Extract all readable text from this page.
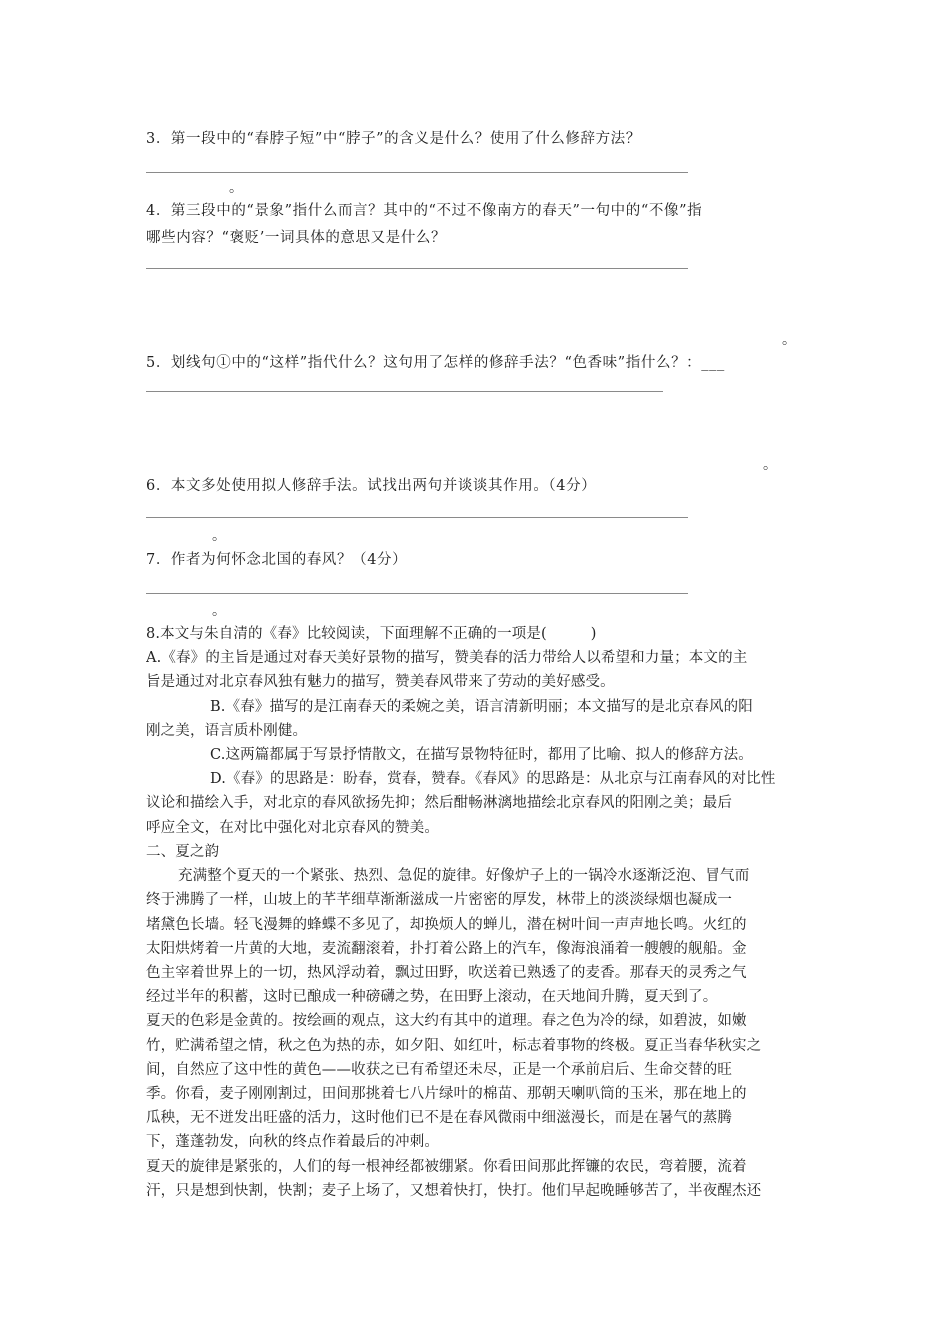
3．第一段中的“春脖子短”中“脖子”的含义是什么？使用了什么修辞方法？
。
4．第三段中的“景象”指什么而言？其中的“不过不像南方的春天”一句中的“不像”指
哪些内容？“褒贬’一词具体的意思又是什么？
。
5．划线句①中的“这样”指代什么？这句用了怎样的修辞手法？“色香味”指什么？：___
。
6．本文多处使用拟人修辞手法。试找出两句并谈谈其作用。（4分）
。
7．作者为何怀念北国的春风？（4分）
。
8.本文与朱自清的《春》比较阅读，下面理解不正确的一项是(　　　)
A.《春》的主旨是通过对春天美好景物的描写，赞美春的活力带给人以希望和力量；本文的主
旨是通过对北京春风独有魅力的描写，赞美春风带来了劳动的美好感受。
B.《春》描写的是江南春天的柔婉之美，语言清新明丽；本文描写的是北京春风的阳
刚之美，语言质朴刚健。
C.这两篇都属于写景抒情散文，在描写景物特征时，都用了比喻、拟人的修辞方法。
D.《春》的思路是：盼春，赏春，赞春。《春风》的思路是：从北京与江南春风的对比性
议论和描绘入手，对北京的春风欲扬先抑；然后酣畅淋漓地描绘北京春风的阳刚之美；最后
呼应全文，在对比中强化对北京春风的赞美。
二、夏之韵
充满整个夏天的一个紧张、热烈、急促的旋律。好像炉子上的一锅冷水逐渐泛泡、冒气而
终于沸腾了一样，山坡上的芊芊细草渐渐滋成一片密密的厚发，林带上的淡淡绿烟也凝成一
堵黛色长墙。轻飞漫舞的蜂蝶不多见了，却换烦人的蝉儿，潜在树叶间一声声地长鸣。火红的
太阳烘烤着一片黄的大地，麦流翻滚着，扑打着公路上的汽车，像海浪涌着一艘艘的舰船。金
色主宰着世界上的一切，热风浮动着，飘过田野，吹送着已熟透了的麦香。那春天的灵秀之气
经过半年的积蓄，这时已酿成一种磅礴之势，在田野上滚动，在天地间升腾，夏天到了。
夏天的色彩是金黄的。按绘画的观点，这大约有其中的道理。春之色为冷的绿，如碧波，如嫩
竹，贮满希望之情，秋之色为热的赤，如夕阳、如红叶，标志着事物的终极。夏正当春华秋实之
间，自然应了这中性的黄色——收获之已有希望还未尽，正是一个承前启后、生命交替的旺
季。你看，麦子刚刚割过，田间那挑着七八片绿叶的棉苗、那朝天喇叭筒的玉米，那在地上的
瓜秧，无不迸发出旺盛的活力，这时他们已不是在春风微雨中细滋漫长，而是在暑气的蒸腾
下，蓬蓬勃发，向秋的终点作着最后的冲刺。
夏天的旋律是紧张的，人们的每一根神经都被绷紧。你看田间那此挥镰的农民，弯着腰，流着
汗，只是想到快割，快割；麦子上场了，又想着快打，快打。他们早起晚睡够苦了，半夜醒杰还
